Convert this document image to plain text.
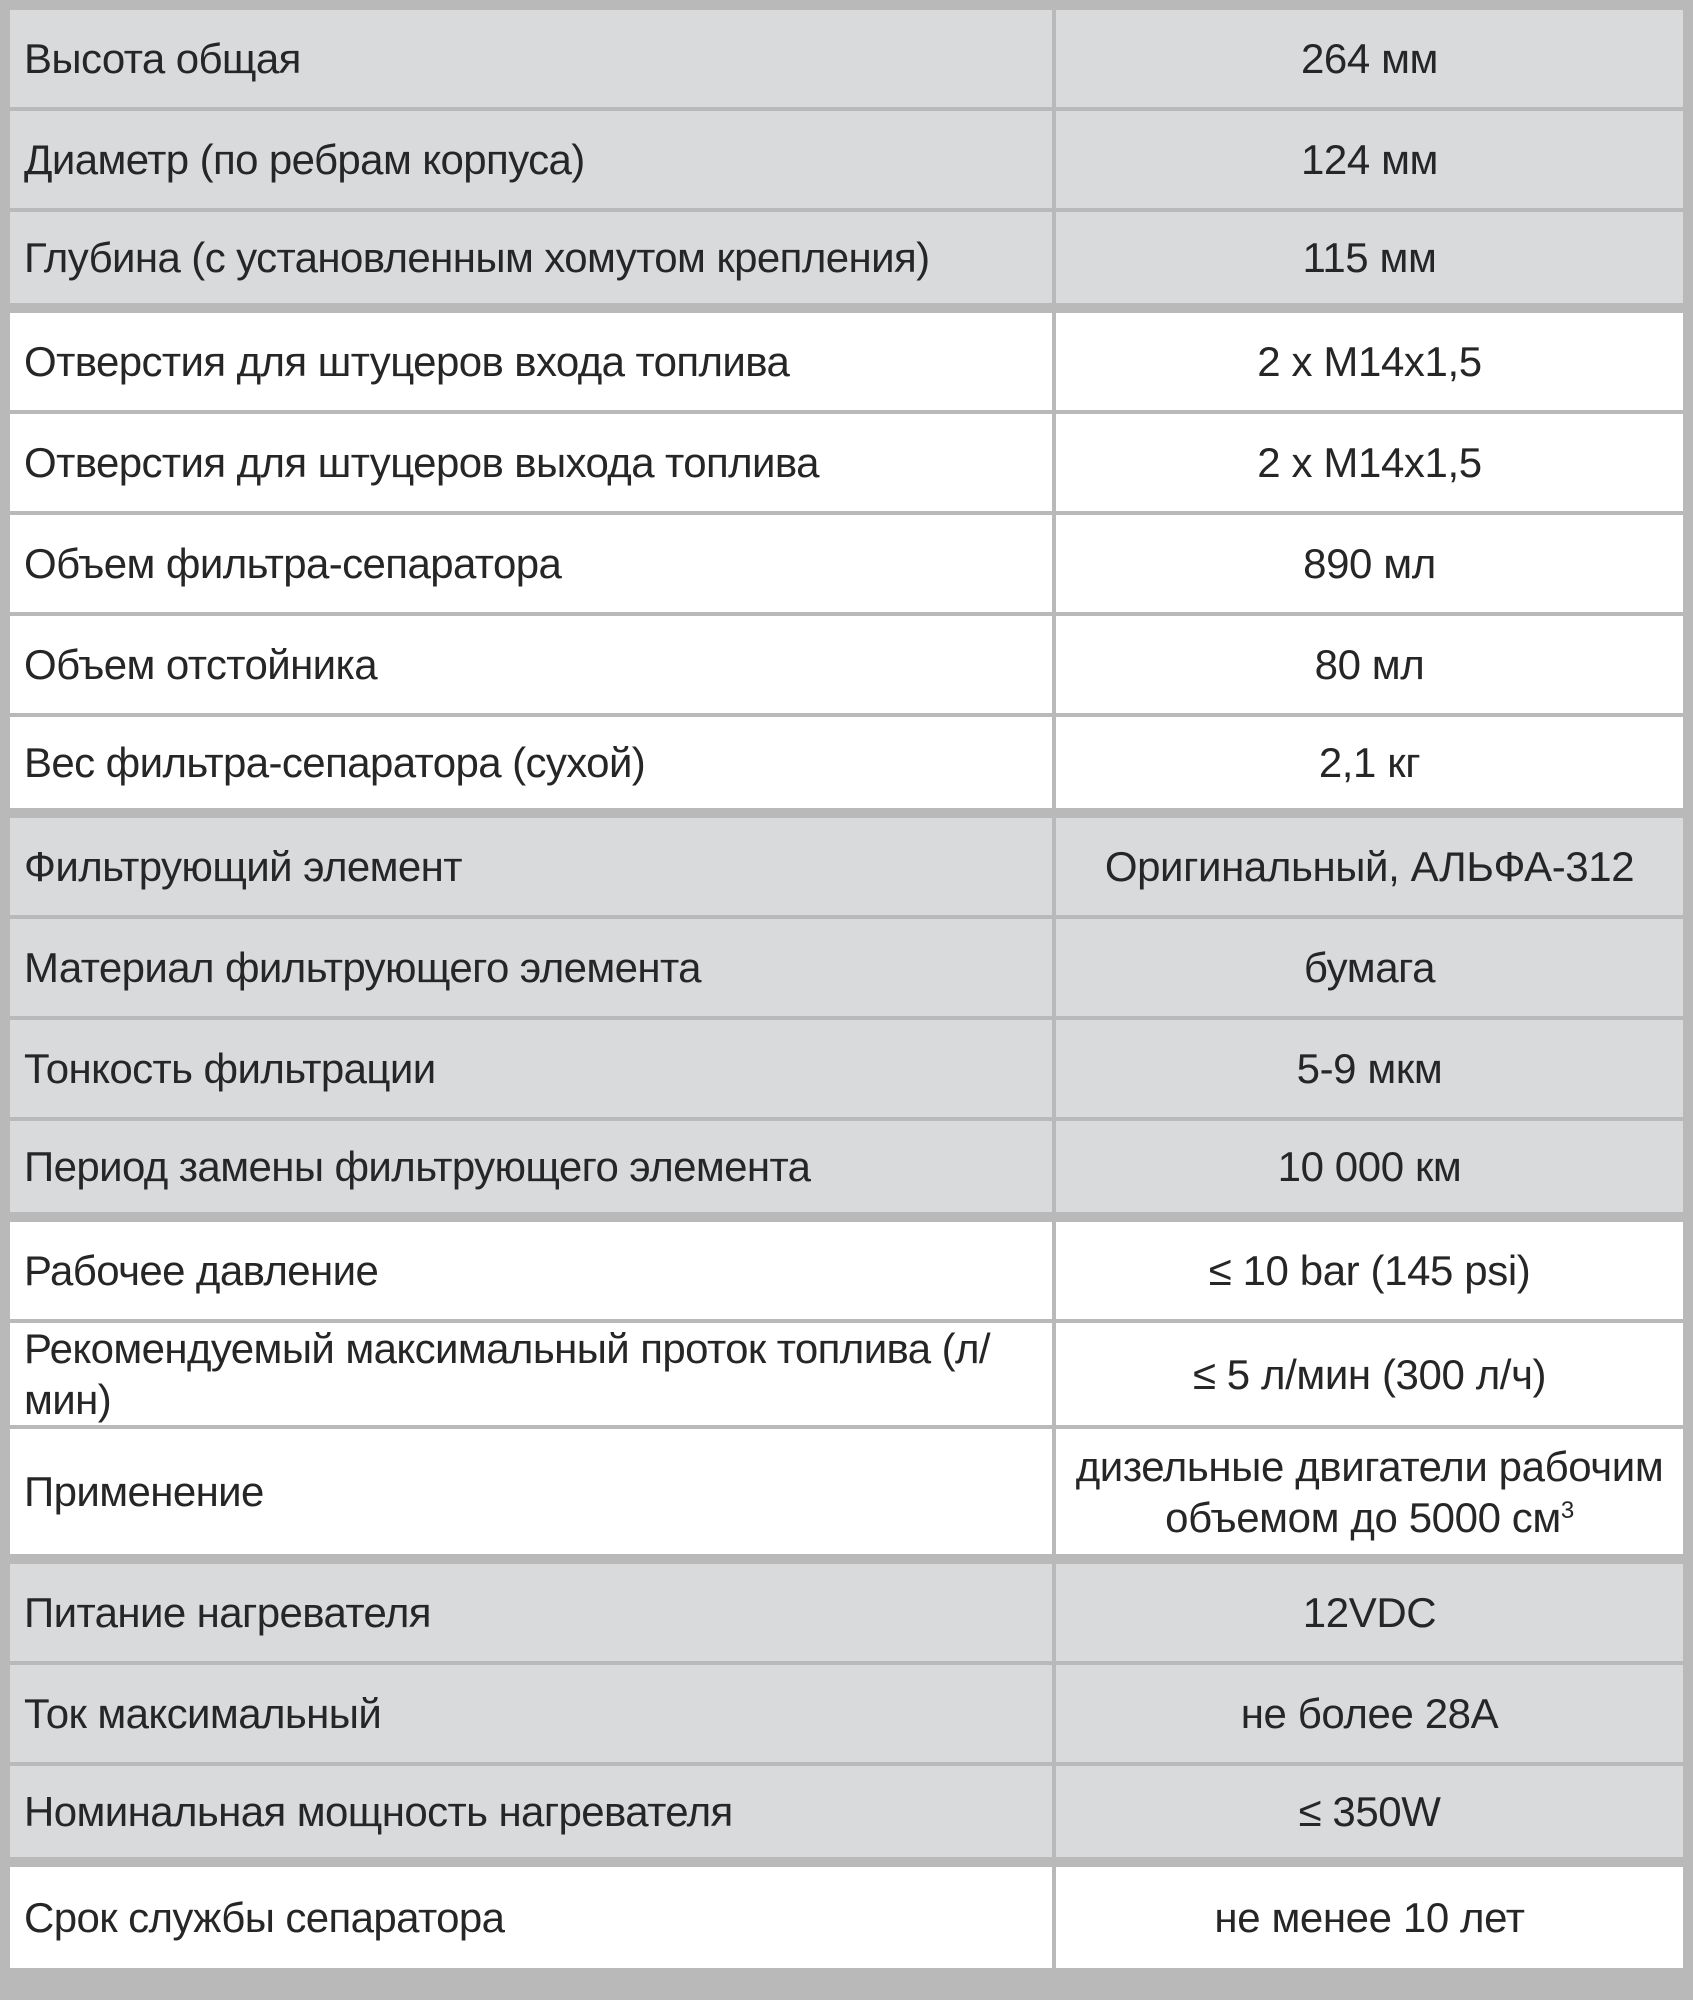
Высота общая	264 мм
Диаметр (по ребрам корпуса)	124 мм
Глубина (с установленным хомутом крепления)	115 мм
Отверстия для штуцеров входа топлива	2 x M14x1,5
Отверстия для штуцеров выхода топлива	2 x M14x1,5
Объем фильтра-сепаратора	890 мл
Объем отстойника	80 мл
Вес фильтра-сепаратора (сухой)	2,1 кг
Фильтрующий элемент	Оригинальный, АЛЬФА-312
Материал фильтрующего элемента	бумага
Тонкость фильтрации	5-9 мкм
Период замены фильтрующего элемента	10 000 км
Рабочее давление	≤ 10 bar (145 psi)
Рекомендуемый максимальный проток топлива (л/мин)	≤ 5 л/мин (300 л/ч)
Применение	дизельные двигатели рабочим
объемом до 5000 $см^3$

Питание нагревателя	12VDC
Ток максимальный	не более 28А
Номинальная мощность нагревателя	≤ 350W
Срок службы сепаратора	не менее 10 лет
